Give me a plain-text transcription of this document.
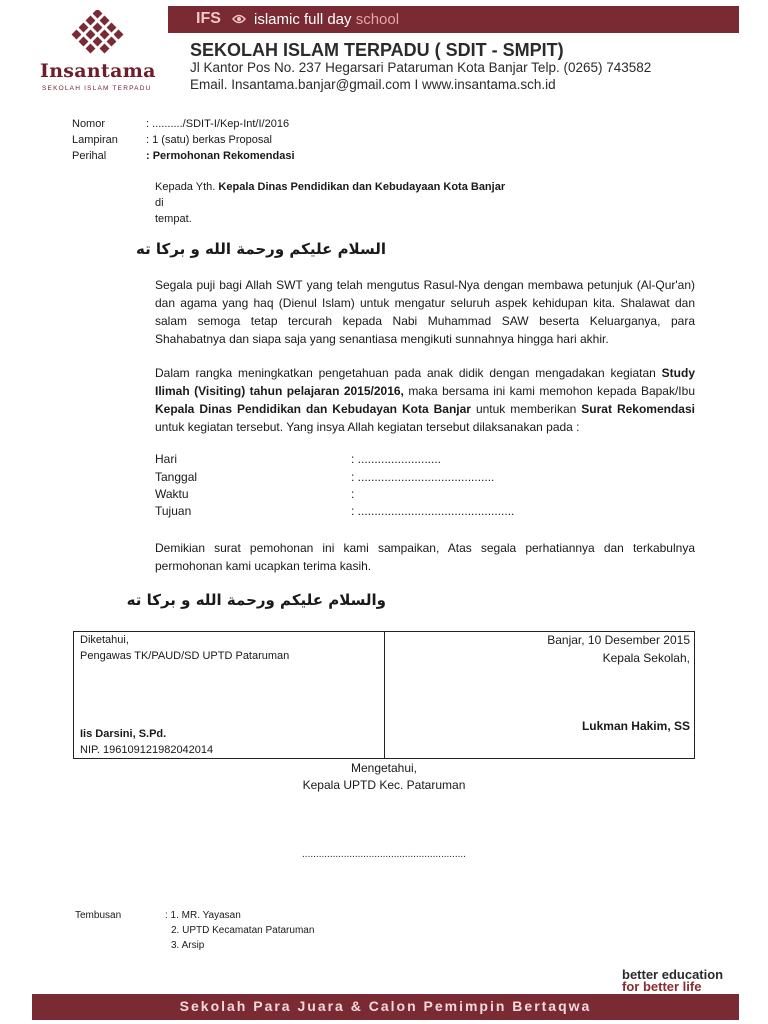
Insantama
SEKOLAH ISLAM TERPADU
IFS islamic full day school
SEKOLAH ISLAM TERPADU ( SDIT - SMPIT)
Jl Kantor Pos No. 237 Hegarsari Pataruman Kota Banjar Telp. (0265) 743582
Email. Insantama.banjar@gmail.com I www.insantama.sch.id
Nomor	: ........../SDIT-I/Kep-Int/I/2016
Lampiran	: 1 (satu) berkas Proposal
Perihal	: Permohonan Rekomendasi
Kepada Yth. Kepala Dinas Pendidikan dan Kebudayaan Kota Banjar
di
tempat.
السلام عليكم ورحمة الله و بركا ته

Segala puji bagi Allah SWT yang telah mengutus Rasul-Nya dengan membawa petunjuk (Al-Qur'an) dan agama yang haq (Dienul Islam) untuk mengatur seluruh aspek kehidupan kita. Shalawat dan salam semoga tetap tercurah kepada Nabi Muhammad SAW beserta Keluarganya, para Shahabatnya dan siapa saja yang senantiasa mengikuti sunnahnya hingga hari akhir.

Dalam rangka meningkatkan pengetahuan pada anak didik dengan mengadakan kegiatan Study Ilimah (Visiting) tahun pelajaran 2015/2016, maka bersama ini kami memohon kepada Bapak/Ibu Kepala Dinas Pendidikan dan Kebudayan Kota Banjar untuk memberikan Surat Rekomendasi untuk kegiatan tersebut. Yang insya Allah kegiatan tersebut dilaksanakan pada :

Hari	: .........................
Tanggal	: .........................................
Waktu	:
Tujuan	: ...............................................

Demikian surat pemohonan ini kami sampaikan, Atas segala perhatiannya dan terkabulnya permohonan kami ucapkan terima kasih.

والسلام عليكم ورحمة الله و بركا ته
Diketahui,
Pengawas TK/PAUD/SD UPTD Pataruman
Iis Darsini, S.Pd.
NIP. 196109121982042014
Banjar, 10 Desember 2015
Kepala Sekolah,
Lukman Hakim, SS
Mengetahui,
Kepala UPTD Kec. Pataruman
...........................................................
Tembusan	: 1. MR. Yayasan
2. UPTD Kecamatan Pataruman
3. Arsip
better education
for better life
Sekolah Para Juara & Calon Pemimpin Bertaqwa
